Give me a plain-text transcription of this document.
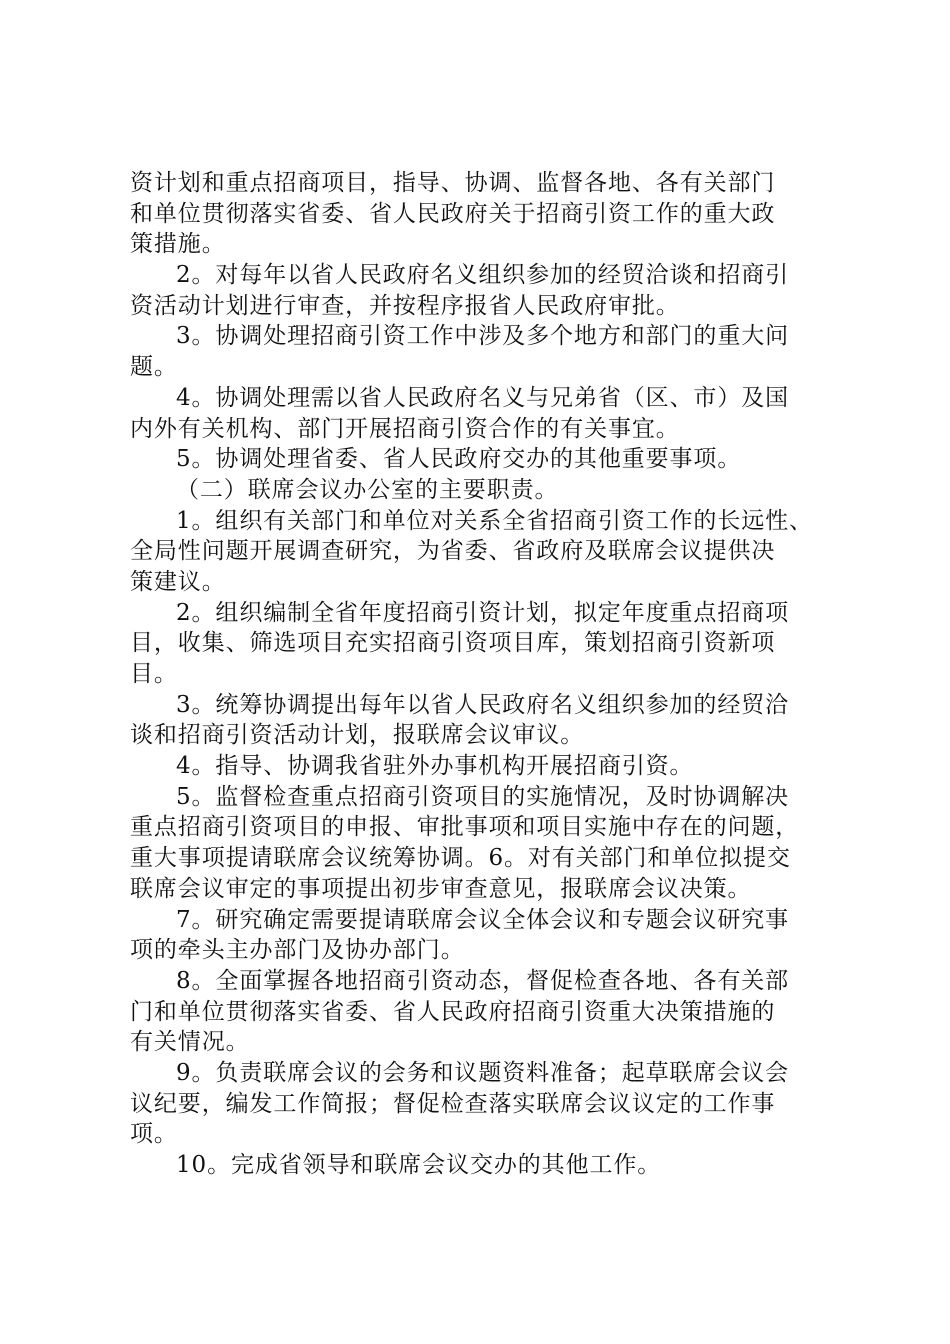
资计划和重点招商项目，指导、协调、监督各地、各有关部门
和单位贯彻落实省委、省人民政府关于招商引资工作的重大政
策措施。
2。对每年以省人民政府名义组织参加的经贸洽谈和招商引
资活动计划进行审查，并按程序报省人民政府审批。
3。协调处理招商引资工作中涉及多个地方和部门的重大问
题。
4。协调处理需以省人民政府名义与兄弟省（区、市）及国
内外有关机构、部门开展招商引资合作的有关事宜。
5。协调处理省委、省人民政府交办的其他重要事项。
（二）联席会议办公室的主要职责。
1。组织有关部门和单位对关系全省招商引资工作的长远性、
全局性问题开展调查研究，为省委、省政府及联席会议提供决
策建议。
2。组织编制全省年度招商引资计划，拟定年度重点招商项
目，收集、筛选项目充实招商引资项目库，策划招商引资新项
目。
3。统筹协调提出每年以省人民政府名义组织参加的经贸洽
谈和招商引资活动计划，报联席会议审议。
4。指导、协调我省驻外办事机构开展招商引资。
5。监督检查重点招商引资项目的实施情况，及时协调解决
重点招商引资项目的申报、审批事项和项目实施中存在的问题，
重大事项提请联席会议统筹协调。6。对有关部门和单位拟提交
联席会议审定的事项提出初步审查意见，报联席会议决策。
7。研究确定需要提请联席会议全体会议和专题会议研究事
项的牵头主办部门及协办部门。
8。全面掌握各地招商引资动态，督促检查各地、各有关部
门和单位贯彻落实省委、省人民政府招商引资重大决策措施的
有关情况。
9。负责联席会议的会务和议题资料准备；起草联席会议会
议纪要，编发工作简报；督促检查落实联席会议议定的工作事
项。
10。完成省领导和联席会议交办的其他工作。
